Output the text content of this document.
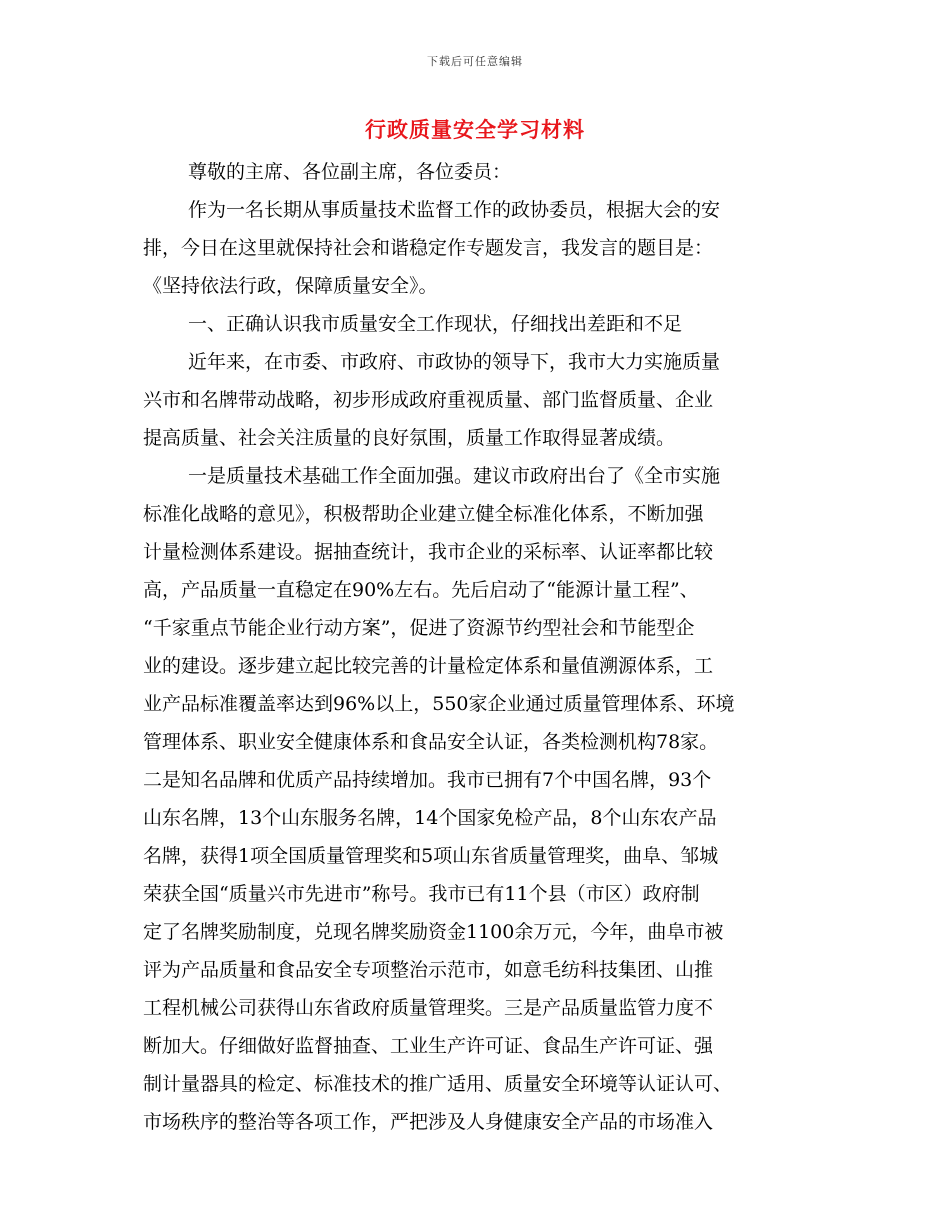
下载后可任意编辑
行政质量安全学习材料
尊敬的主席、各位副主席，各位委员：
作为一名长期从事质量技术监督工作的政协委员，根据大会的安
排，今日在这里就保持社会和谐稳定作专题发言，我发言的题目是：
《坚持依法行政，保障质量安全》。
一、正确认识我市质量安全工作现状，仔细找出差距和不足
近年来，在市委、市政府、市政协的领导下，我市大力实施质量
兴市和名牌带动战略，初步形成政府重视质量、部门监督质量、企业
提高质量、社会关注质量的良好氛围，质量工作取得显著成绩。
一是质量技术基础工作全面加强。建议市政府出台了《全市实施
标准化战略的意见》，积极帮助企业建立健全标准化体系，不断加强
计量检测体系建设。据抽查统计，我市企业的采标率、认证率都比较
高，产品质量一直稳定在90%左右。先后启动了“能源计量工程”、
“千家重点节能企业行动方案”，促进了资源节约型社会和节能型企
业的建设。逐步建立起比较完善的计量检定体系和量值溯源体系，工
业产品标准覆盖率达到96%以上，550家企业通过质量管理体系、环境
管理体系、职业安全健康体系和食品安全认证，各类检测机构78家。
二是知名品牌和优质产品持续增加。我市已拥有7个中国名牌，93个
山东名牌，13个山东服务名牌，14个国家免检产品，8个山东农产品
名牌，获得1项全国质量管理奖和5项山东省质量管理奖，曲阜、邹城
荣获全国“质量兴市先进市”称号。我市已有11个县（市区）政府制
定了名牌奖励制度，兑现名牌奖励资金1100余万元，今年，曲阜市被
评为产品质量和食品安全专项整治示范市，如意毛纺科技集团、山推
工程机械公司获得山东省政府质量管理奖。三是产品质量监管力度不
断加大。仔细做好监督抽查、工业生产许可证、食品生产许可证、强
制计量器具的检定、标准技术的推广适用、质量安全环境等认证认可、
市场秩序的整治等各项工作，严把涉及人身健康安全产品的市场准入
